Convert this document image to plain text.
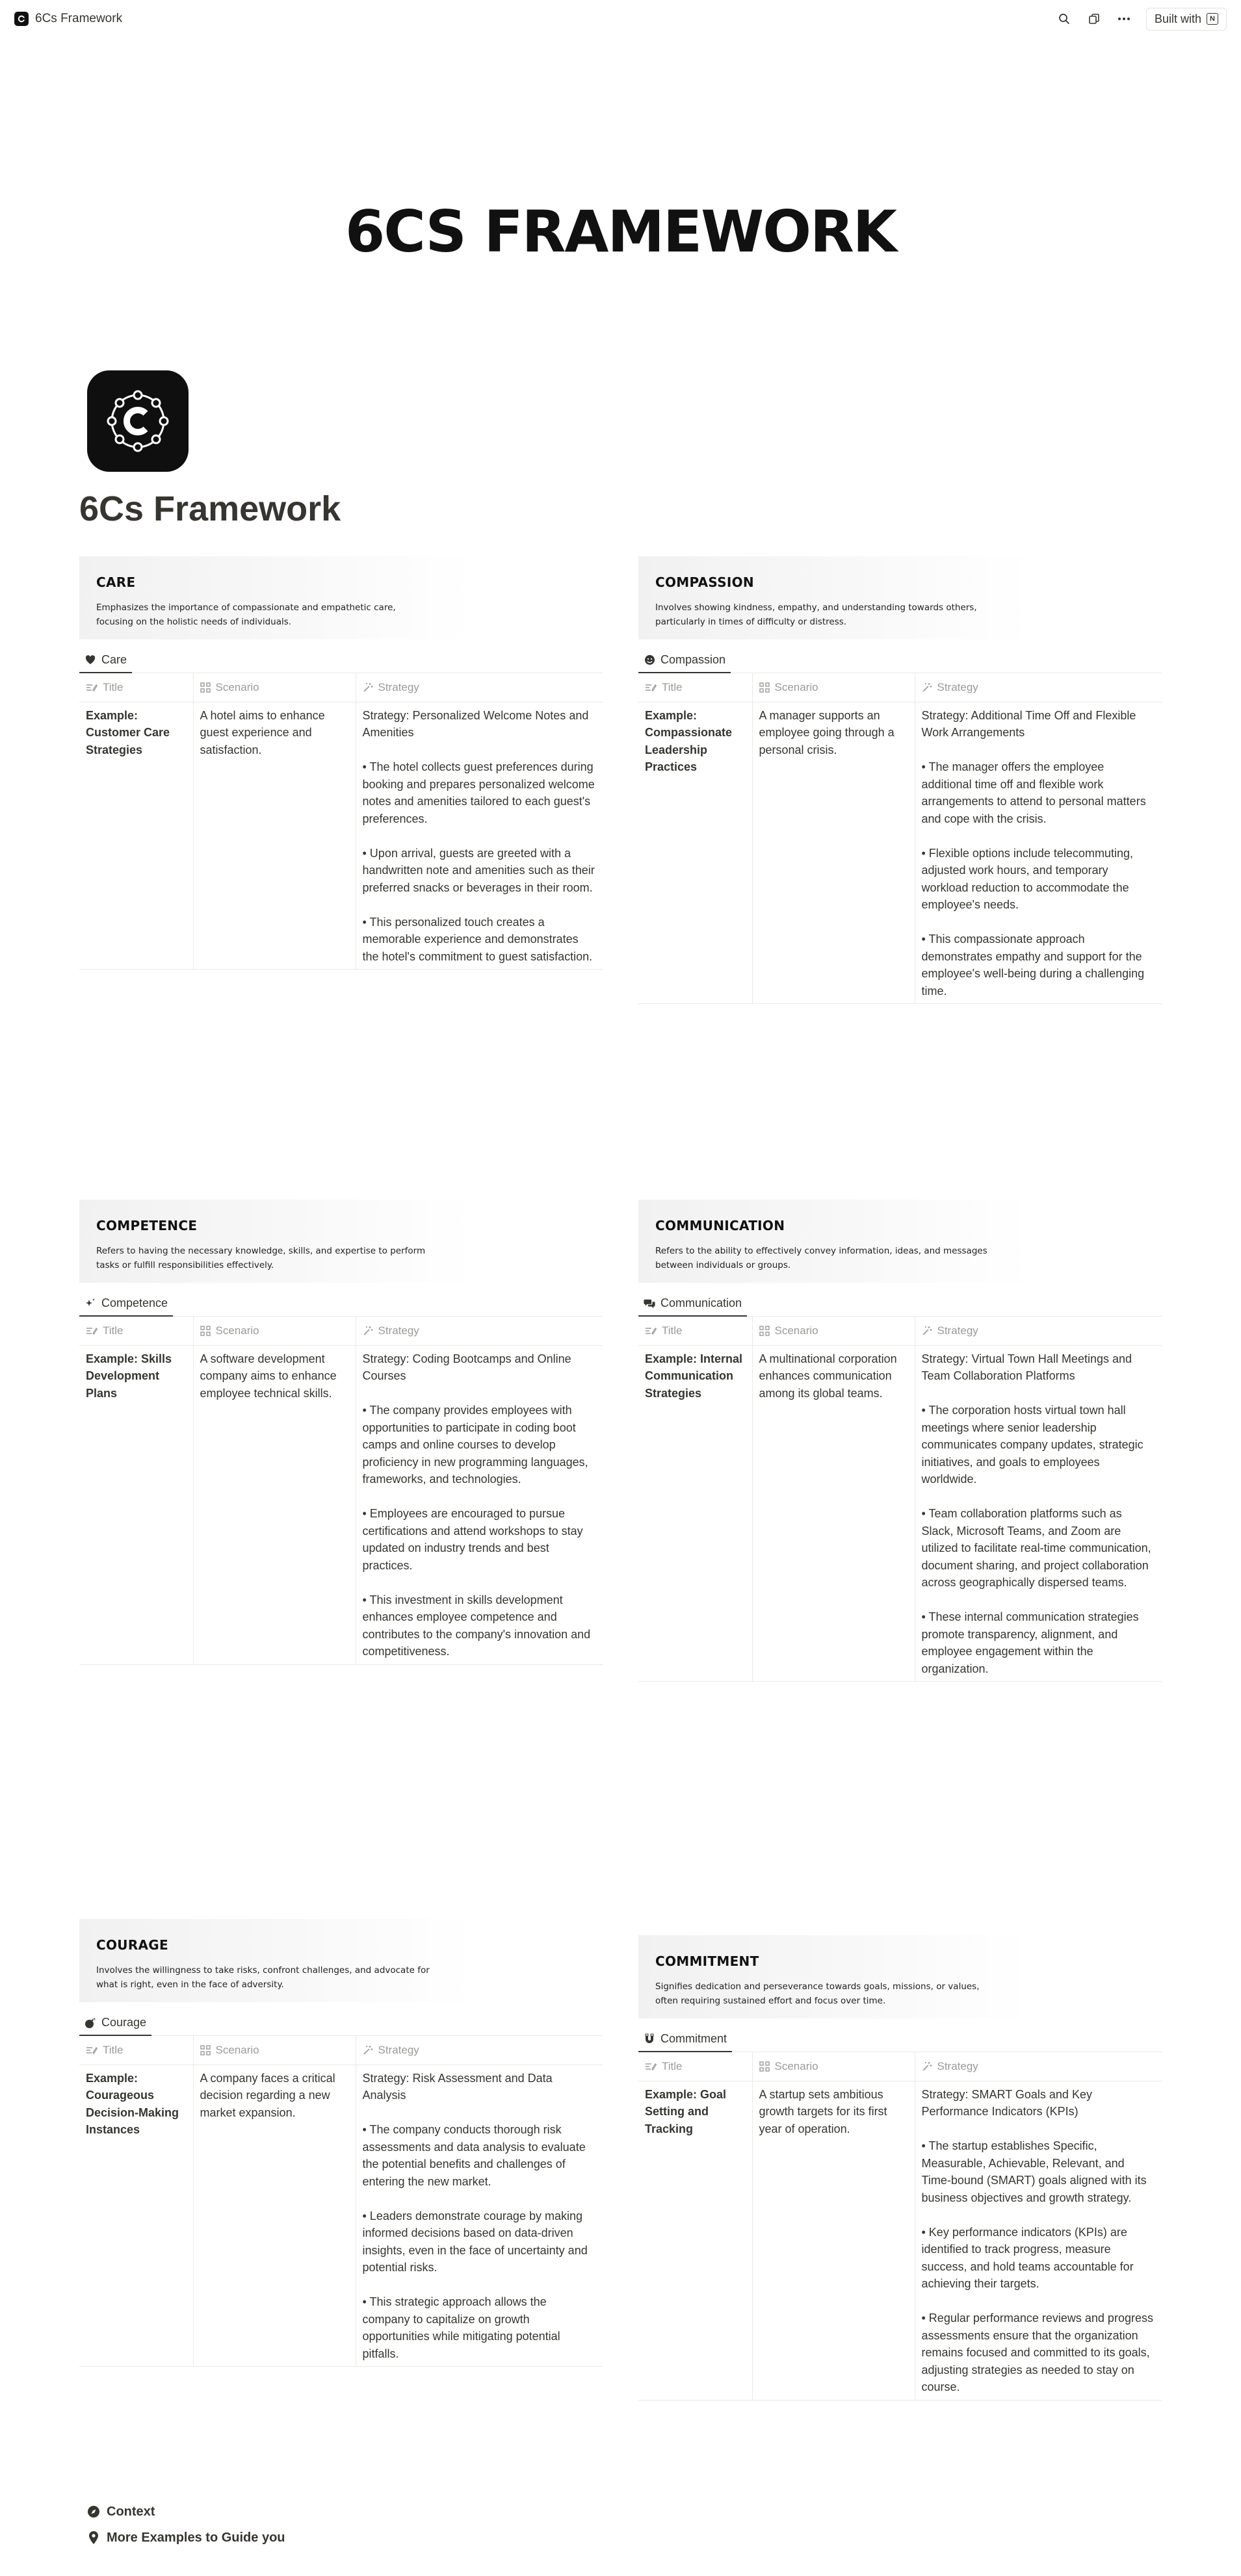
6Cs Framework	Built with	N
6CS FRAMEWORK
6Cs Framework
CARE

Emphasizes the importance of compassionate and empathetic care, focusing on the holistic needs of individuals.

Care
Title	Scenario	Strategy

Example: Customer Care Strategies	A hotel aims to enhance guest experience and satisfaction.	Strategy: Personalized Welcome Notes and Amenities

• The hotel collects guest preferences during booking and prepares personalized welcome notes and amenities tailored to each guest's preferences.

• Upon arrival, guests are greeted with a handwritten note and amenities such as their preferred snacks or beverages in their room.

• This personalized touch creates a memorable experience and demonstrates the hotel's commitment to guest satisfaction.

COMPASSION

Involves showing kindness, empathy, and understanding towards others, particularly in times of difficulty or distress.

Compassion
Title	Scenario	Strategy

Example: Compassionate Leadership Practices	A manager supports an employee going through a personal crisis.	Strategy: Additional Time Off and Flexible Work Arrangements

• The manager offers the employee additional time off and flexible work arrangements to attend to personal matters and cope with the crisis.

• Flexible options include telecommuting, adjusted work hours, and temporary workload reduction to accommodate the employee's needs.

• This compassionate approach demonstrates empathy and support for the employee's well-being during a challenging time.

COMPETENCE

Refers to having the necessary knowledge, skills, and expertise to perform tasks or fulfill responsibilities effectively.

Competence
Title	Scenario	Strategy

Example: Skills Development Plans	A software development company aims to enhance employee technical skills.	Strategy: Coding Bootcamps and Online Courses

• The company provides employees with opportunities to participate in coding boot camps and online courses to develop proficiency in new programming languages, frameworks, and technologies.

• Employees are encouraged to pursue certifications and attend workshops to stay updated on industry trends and best practices.

• This investment in skills development enhances employee competence and contributes to the company's innovation and competitiveness.

COMMUNICATION

Refers to the ability to effectively convey information, ideas, and messages between individuals or groups.

Communication
Title	Scenario	Strategy

Example: Internal Communication Strategies	A multinational corporation enhances communication among its global teams.	Strategy: Virtual Town Hall Meetings and Team Collaboration Platforms

• The corporation hosts virtual town hall meetings where senior leadership communicates company updates, strategic initiatives, and goals to employees worldwide.

• Team collaboration platforms such as Slack, Microsoft Teams, and Zoom are utilized to facilitate real-time communication, document sharing, and project collaboration across geographically dispersed teams.

• These internal communication strategies promote transparency, alignment, and employee engagement within the organization.

COURAGE

Involves the willingness to take risks, confront challenges, and advocate for what is right, even in the face of adversity.

Courage
Title	Scenario	Strategy

Example: Courageous Decision-Making Instances	A company faces a critical decision regarding a new market expansion.	Strategy: Risk Assessment and Data Analysis

• The company conducts thorough risk assessments and data analysis to evaluate the potential benefits and challenges of entering the new market.

• Leaders demonstrate courage by making informed decisions based on data-driven insights, even in the face of uncertainty and potential risks.

• This strategic approach allows the company to capitalize on growth opportunities while mitigating potential pitfalls.

COMMITMENT

Signifies dedication and perseverance towards goals, missions, or values, often requiring sustained effort and focus over time.

Commitment
Title	Scenario	Strategy

Example: Goal Setting and Tracking	A startup sets ambitious growth targets for its first year of operation.	Strategy: SMART Goals and Key Performance Indicators (KPIs)

• The startup establishes Specific, Measurable, Achievable, Relevant, and Time-bound (SMART) goals aligned with its business objectives and growth strategy.

• Key performance indicators (KPIs) are identified to track progress, measure success, and hold teams accountable for achieving their targets.

• Regular performance reviews and progress assessments ensure that the organization remains focused and committed to its goals, adjusting strategies as needed to stay on course.

Context
More Examples to Guide you
